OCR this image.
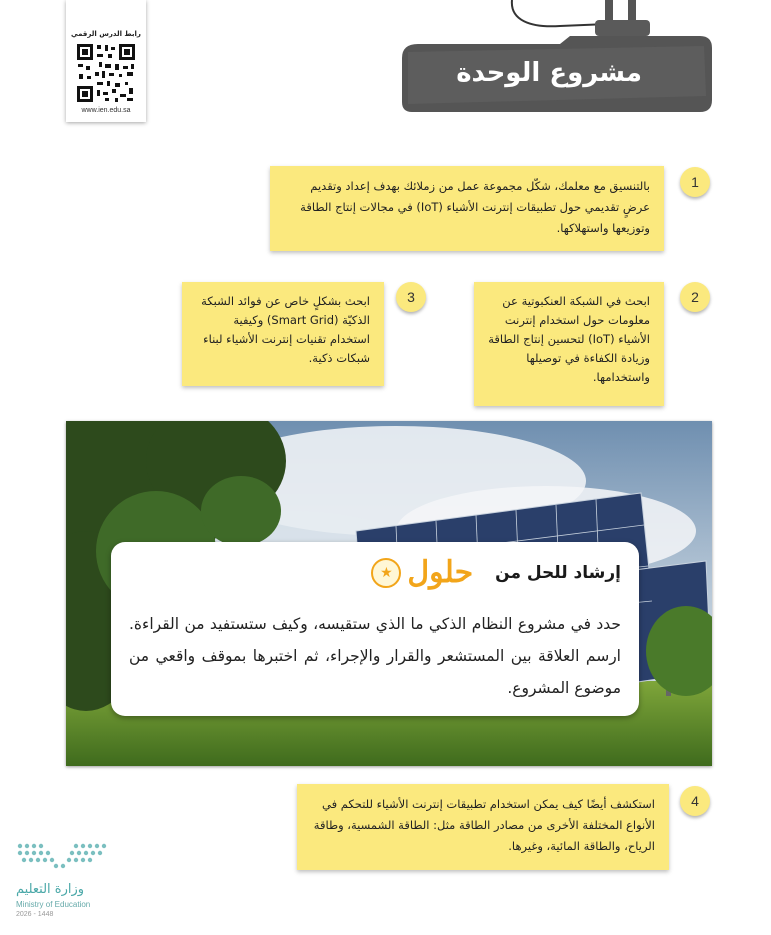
رابط الدرس الرقمي
www.ien.edu.sa
مشروع الوحدة
بالتنسيق مع معلمك، شكّل مجموعة عمل من زملائك بهدف إعداد وتقديم عرضٍ تقديمي حول تطبيقات إنترنت الأشياء (IoT) في مجالات إنتاج الطاقة وتوزيعها واستهلاكها.
1
ابحث في الشبكة العنكبوتية عن معلومات حول استخدام إنترنت الأشياء (IoT) لتحسين إنتاج الطاقة وزيادة الكفاءة في توصيلها واستخدامها.
2
ابحث بشكلٍ خاص عن فوائد الشبكة الذكيّة (Smart Grid) وكيفية استخدام تقنيات إنترنت الأشياء لبناء شبكات ذكية.
3
إرشاد للحل من
حلول
★
حدد في مشروع النظام الذكي ما الذي ستقيسه، وكيف ستستفيد من القراءة. ارسم العلاقة بين المستشعر والقرار والإجراء، ثم اختبرها بموقف واقعي من موضوع المشروع.
استكشف أيضًا كيف يمكن استخدام تطبيقات إنترنت الأشياء للتحكم في الأنواع المختلفة الأخرى من مصادر الطاقة مثل: الطاقة الشمسية، وطاقة الرياح، والطاقة المائية، وغيرها.
4
وزارة التعليم
Ministry of Education
2026 - 1448
